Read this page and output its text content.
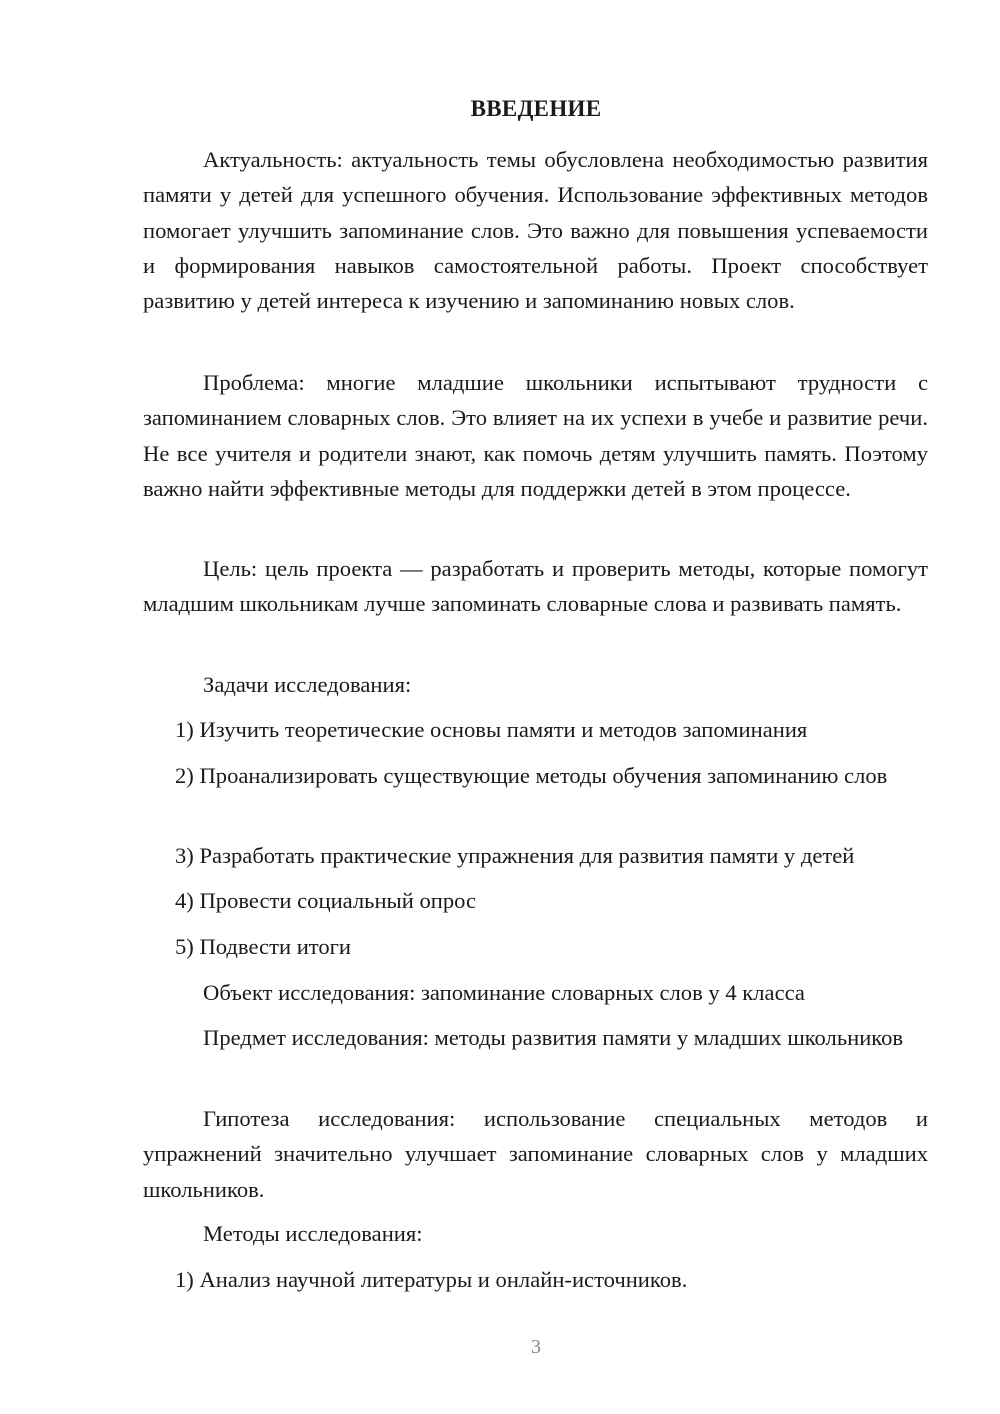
ВВЕДЕНИЕ
Актуальность: актуальность темы обусловлена необходимостью развития памяти у детей для успешного обучения. Использование эффективных методов помогает улучшить запоминание слов. Это важно для повышения успеваемости и формирования навыков самостоятельной работы. Проект способствует развитию у детей интереса к изучению и запоминанию новых слов.
Проблема: многие младшие школьники испытывают трудности с запоминанием словарных слов. Это влияет на их успехи в учебе и развитие речи. Не все учителя и родители знают, как помочь детям улучшить память. Поэтому важно найти эффективные методы для поддержки детей в этом процессе.
Цель: цель проекта — разработать и проверить методы, которые помогут младшим школьникам лучше запоминать словарные слова и развивать память.
Задачи исследования:
1) Изучить теоретические основы памяти и методов запоминания
2) Проанализировать существующие методы обучения запоминанию слов
3) Разработать практические упражнения для развития памяти у детей
4) Провести социальный опрос
5) Подвести итоги
Объект исследования: запоминание словарных слов у 4 класса
Предмет исследования: методы развития памяти у младших школьников
Гипотеза исследования: использование специальных методов и упражнений значительно улучшает запоминание словарных слов у младших школьников.
Методы исследования:
1) Анализ научной литературы и онлайн-источников.
3
